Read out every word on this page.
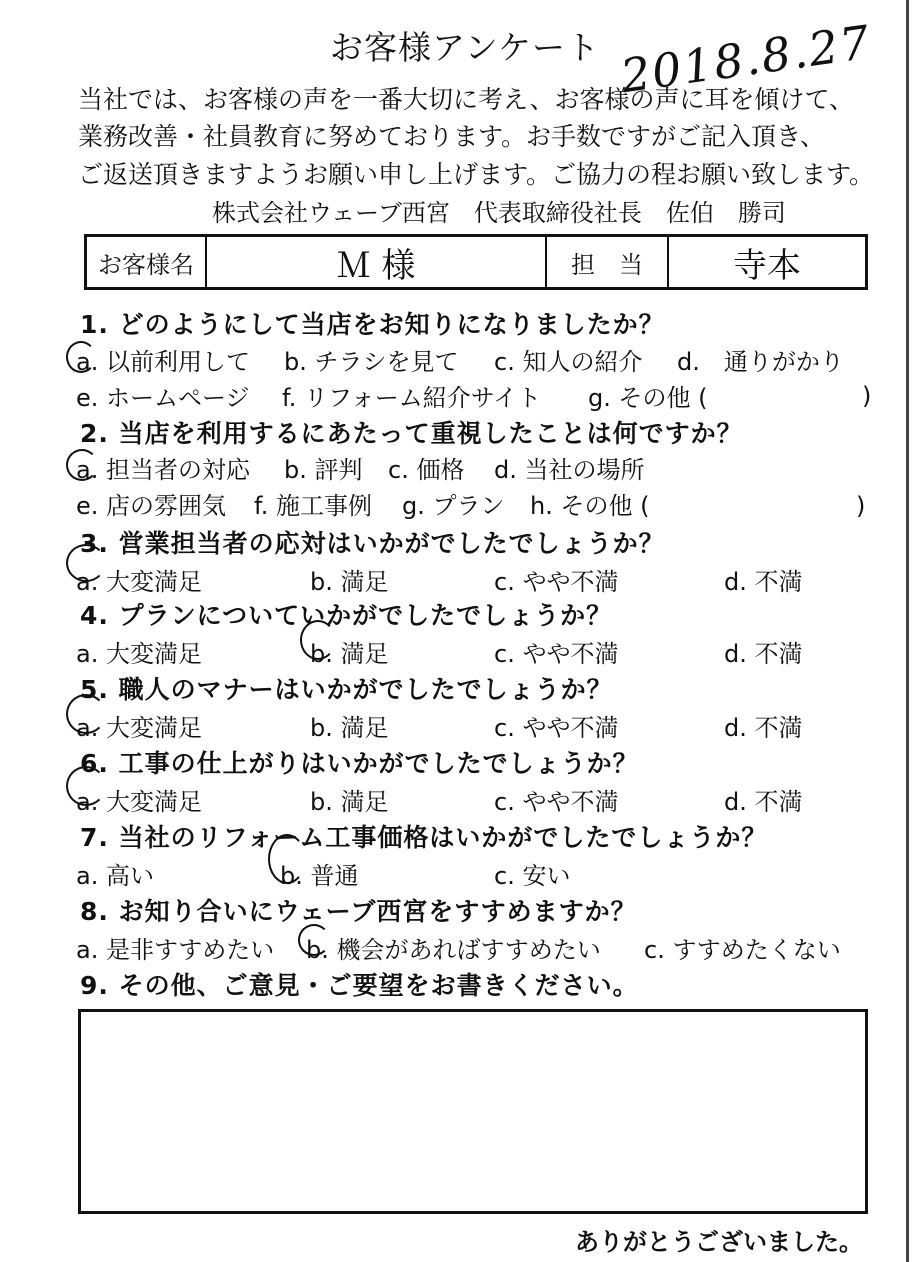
お客様アンケート 2018.8.27
当社では、お客様の声を一番大切に考え、お客様の声に耳を傾けて、
業務改善・社員教育に努めております。お手数ですがご記入頂き、
ご返送頂きますようお願い申し上げます。ご協力の程お願い致します。
株式会社ウェーブ西宮　代表取締役社長　佐伯　勝司
お客様名	Ｍ 様	担　当	寺本
1. どのようにして当店をお知りになりましたか？
a. 以前利用して b. チラシを見て c. 知人の紹介 d.　通りがかり
e. ホームページ f. リフォーム紹介サイト g. その他 (	)
2. 当店を利用するにあたって重視したことは何ですか？
a. 担当者の対応 b. 評判 c. 価格 d. 当社の場所
e. 店の雰囲気 f. 施工事例 g. プラン h. その他 (	)
3. 営業担当者の応対はいかがでしたでしょうか？
a. 大変満足	b. 満足	c. やや不満	d. 不満
4. プランについていかがでしたでしょうか？
a. 大変満足	b. 満足	c. やや不満	d. 不満
5. 職人のマナーはいかがでしたでしょうか？
a. 大変満足	b. 満足	c. やや不満	d. 不満
6. 工事の仕上がりはいかがでしたでしょうか？
a. 大変満足	b. 満足	c. やや不満	d. 不満
7. 当社のリフォーム工事価格はいかがでしたでしょうか？
a. 高い	b. 普通	c. 安い
8. お知り合いにウェーブ西宮をすすめますか？
a. 是非すすめたい b. 機会があればすすめたい c. すすめたくない
9. その他、ご意見・ご要望をお書きください。
ありがとうございました。
